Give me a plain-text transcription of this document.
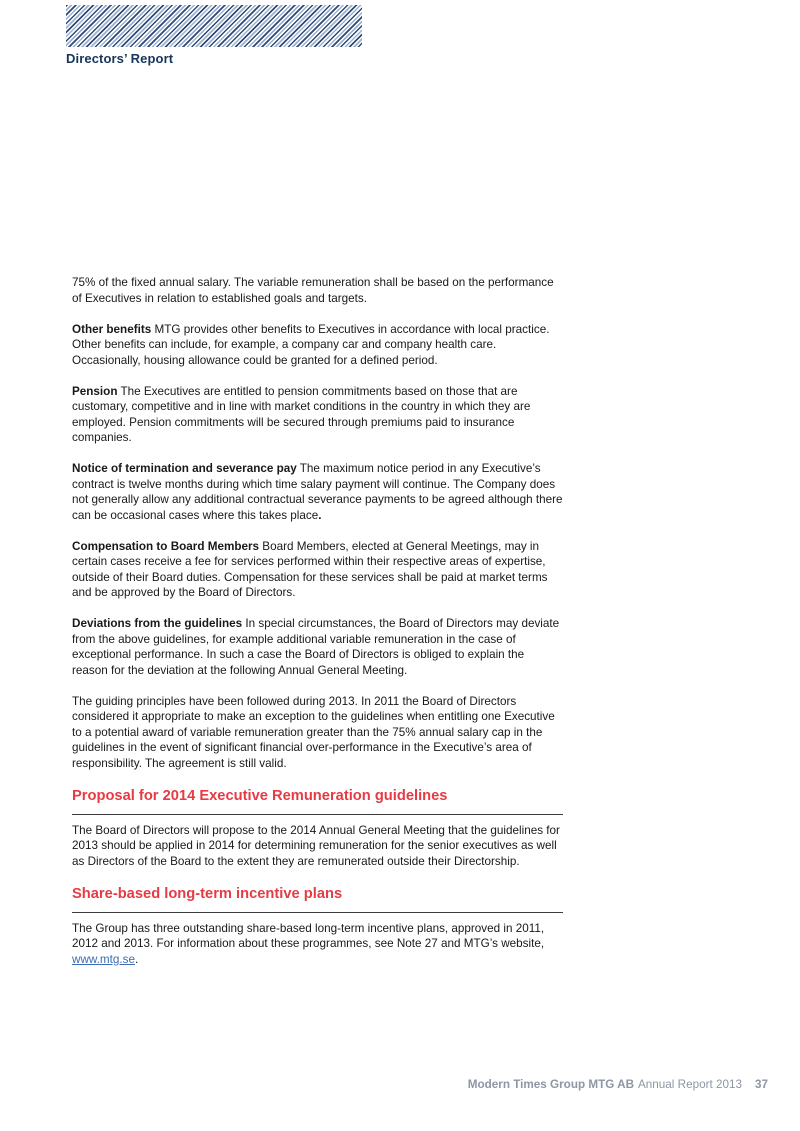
Directors’ Report

75% of the fixed annual salary. The variable remuneration shall be based on the performance of Executives in relation to established goals and targets.

Other benefits MTG provides other benefits to Executives in accordance with local practice. Other benefits can include, for example, a company car and company health care. Occasionally, housing allowance could be granted for a defined period.

Pension The Executives are entitled to pension commitments based on those that are customary, competitive and in line with market conditions in the country in which they are employed. Pension commitments will be secured through premiums paid to insurance companies.

Notice of termination and severance pay The maximum notice period in any Executive’s contract is twelve months during which time salary payment will continue. The Company does not generally allow any additional contractual severance payments to be agreed although there can be occasional cases where this takes place.

Compensation to Board Members Board Members, elected at General Meetings, may in certain cases receive a fee for services performed within their respective areas of expertise, outside of their Board duties. Compensation for these services shall be paid at market terms and be approved by the Board of Directors.

Deviations from the guidelines In special circumstances, the Board of Directors may deviate from the above guidelines, for example additional variable remuneration in the case of exceptional performance. In such a case the Board of Directors is obliged to explain the reason for the deviation at the following Annual General Meeting.

The guiding principles have been followed during 2013. In 2011 the Board of Directors considered it appropriate to make an exception to the guidelines when entitling one Executive to a potential award of variable remuneration greater than the 75% annual salary cap in the guidelines in the event of significant financial over-performance in the Executive’s area of responsibility. The agreement is still valid.

Proposal for 2014 Executive Remuneration guidelines

The Board of Directors will propose to the 2014 Annual General Meeting that the guidelines for 2013 should be applied in 2014 for determining remuneration for the senior executives as well as Directors of the Board to the extent they are remunerated outside their Directorship.

Share-based long-term incentive plans

The Group has three outstanding share-based long-term incentive plans, approved in 2011, 2012 and 2013. For information about these programmes, see Note 27 and MTG’s website, www.mtg.se.

Modern Times Group MTG AB Annual Report 2013 37
